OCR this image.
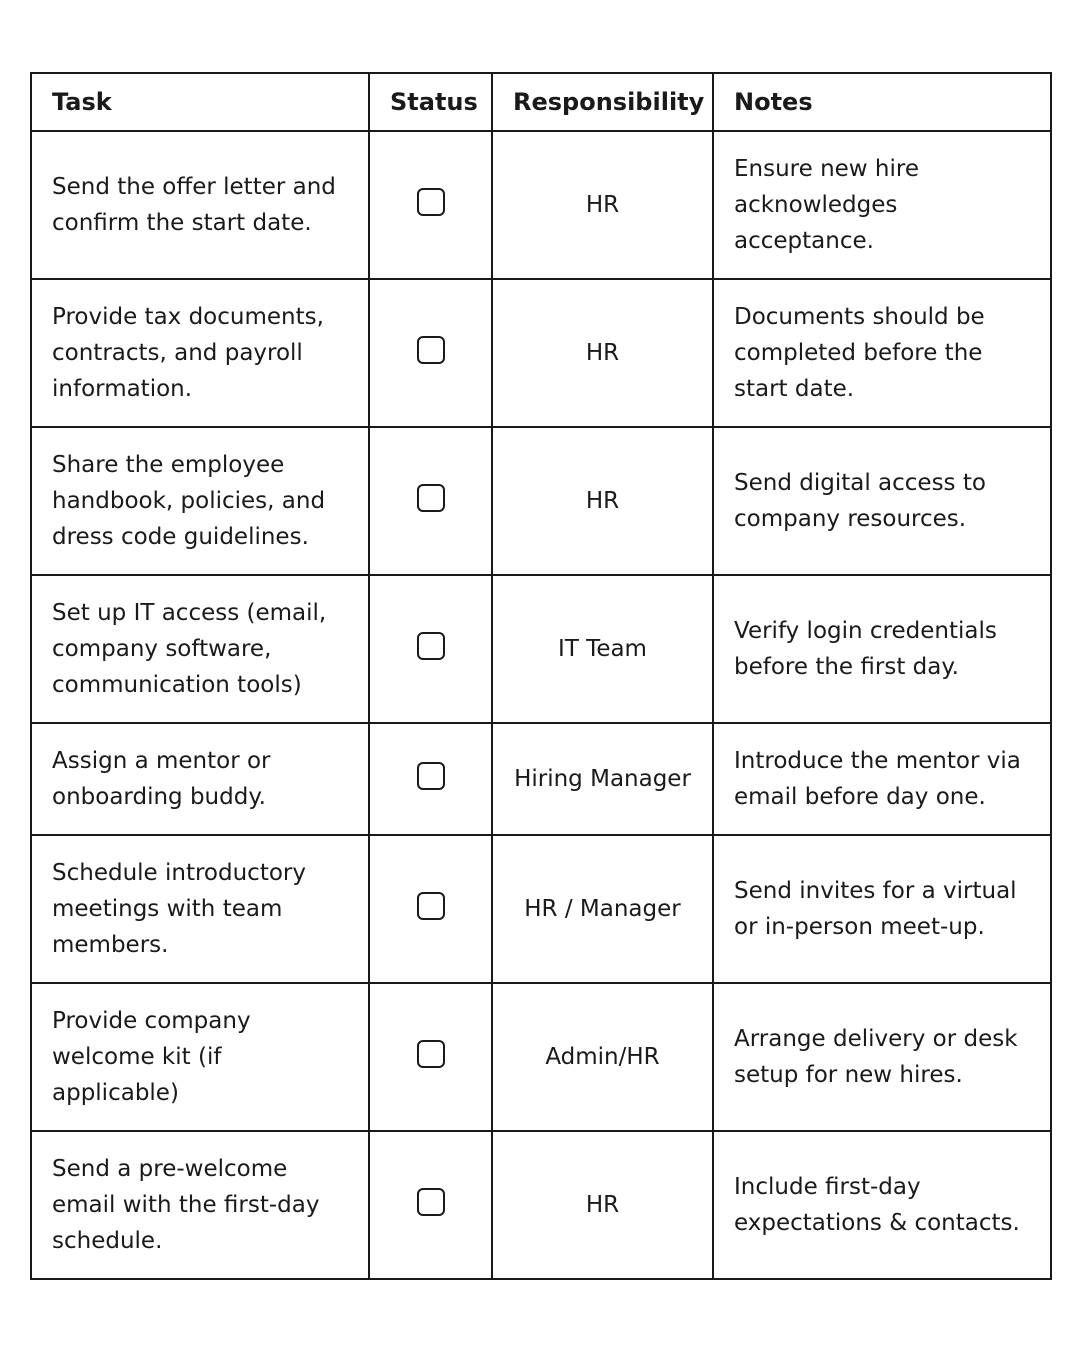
Task	Status	Responsibility	Notes
Send the offer letter and confirm the start date.		HR	Ensure new hire acknowledges acceptance.
Provide tax documents, contracts, and payroll information.		HR	Documents should be completed before the start date.
Share the employee handbook, policies, and dress code guidelines.		HR	Send digital access to company resources.
Set up IT access (email, company software, communication tools)		IT Team	Verify login credentials before the first day.
Assign a mentor or onboarding buddy.		Hiring Manager	Introduce the mentor via email before day one.
Schedule introductory meetings with team members.		HR / Manager	Send invites for a virtual or in-person meet-up.
Provide company welcome kit (if applicable)		Admin/HR	Arrange delivery or desk setup for new hires.
Send a pre-welcome email with the first-day schedule.		HR	Include first-day expectations & contacts.
